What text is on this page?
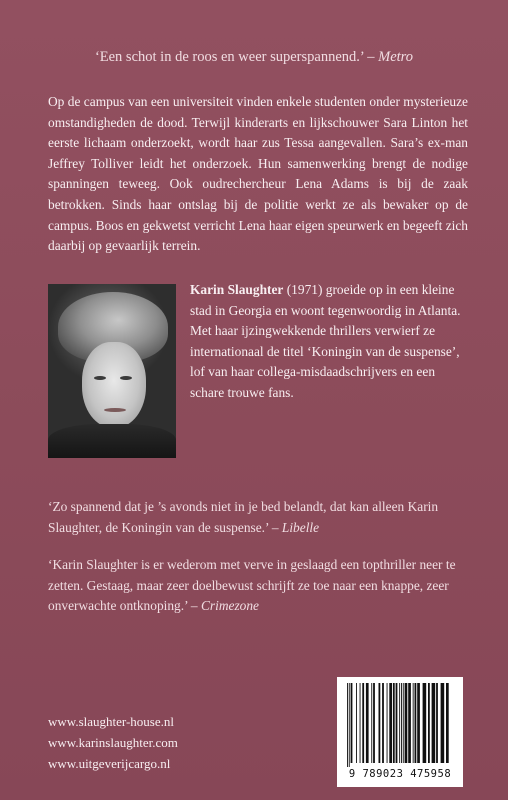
‘Een schot in de roos en weer superspannend.’ – Metro
Op de campus van een universiteit vinden enkele studenten onder mysterieuze omstandigheden de dood. Terwijl kinderarts en lijkschouwer Sara Linton het eerste lichaam onderzoekt, wordt haar zus Tessa aangevallen. Sara’s ex-man Jeffrey Tolliver leidt het onderzoek. Hun samenwerking brengt de nodige spanningen teweeg. Ook oudrechercheur Lena Adams is bij de zaak betrokken. Sinds haar ontslag bij de politie werkt ze als bewaker op de campus. Boos en gekwetst verricht Lena haar eigen speurwerk en begeeft zich daarbij op gevaarlijk terrein.
Karin Slaughter (1971) groeide op in een kleine stad in Georgia en woont tegenwoordig in Atlanta. Met haar ijzingwekkende thrillers verwierf ze internationaal de titel ‘Koningin van de suspense’, lof van haar collega-misdaadschrijvers en een schare trouwe fans.
‘Zo spannend dat je ’s avonds niet in je bed belandt, dat kan alleen Karin Slaughter, de Koningin van de suspense.’ – Libelle
‘Karin Slaughter is er wederom met verve in geslaagd een topthriller neer te zetten. Gestaag, maar zeer doelbewust schrijft ze toe naar een knappe, zeer onverwachte ontknoping.’ – Crimezone
www.slaughter-house.nl
www.karinslaughter.com
www.uitgeverijcargo.nl
9 789023 475958
